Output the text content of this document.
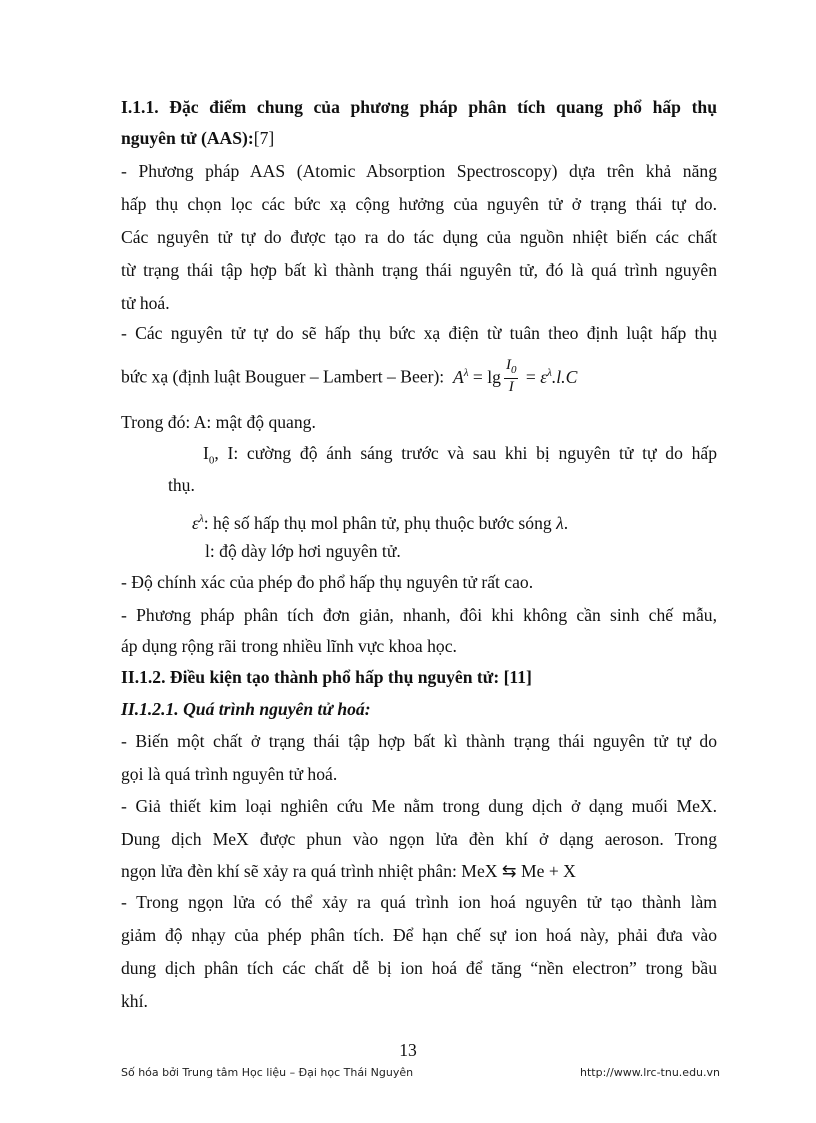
I.1.1. Đặc điểm chung của phương pháp phân tích quang phổ hấp thụ
nguyên tử (AAS):[7]
- Phương pháp AAS (Atomic Absorption Spectroscopy) dựa trên khả năng
hấp thụ chọn lọc các bức xạ cộng hưởng của nguyên tử ở trạng thái tự do.
Các nguyên tử tự do được tạo ra do tác dụng của nguồn nhiệt biến các chất
từ trạng thái tập hợp bất kì thành trạng thái nguyên tử, đó là quá trình nguyên
tử hoá.
- Các nguyên tử tự do sẽ hấp thụ bức xạ điện từ tuân theo định luật hấp thụ
bức xạ (định luật Bouguer – Lambert – Beer): $A^\lambda = \lg \frac{I_0}{I} = \varepsilon^\lambda.l.C$
Trong đó: A: mật độ quang.
$I_0$, I: cường độ ánh sáng trước và sau khi bị nguyên tử tự do hấp
thụ.
$\varepsilon^\lambda$: hệ số hấp thụ mol phân tử, phụ thuộc bước sóng λ.
l: độ dày lớp hơi nguyên tử.
- Độ chính xác của phép đo phổ hấp thụ nguyên tử rất cao.
- Phương pháp phân tích đơn giản, nhanh, đôi khi không cần sinh chế mẫu,
áp dụng rộng rãi trong nhiều lĩnh vực khoa học.
II.1.2. Điều kiện tạo thành phổ hấp thụ nguyên tử: [11]
II.1.2.1. Quá trình nguyên tử hoá:
- Biến một chất ở trạng thái tập hợp bất kì thành trạng thái nguyên tử tự do
gọi là quá trình nguyên tử hoá.
- Giả thiết kim loại nghiên cứu Me nằm trong dung dịch ở dạng muối MeX.
Dung dịch MeX được phun vào ngọn lửa đèn khí ở dạng aeroson. Trong
ngọn lửa đèn khí sẽ xảy ra quá trình nhiệt phân: MeX ⇆ Me + X
- Trong ngọn lửa có thể xảy ra quá trình ion hoá nguyên tử tạo thành làm
giảm độ nhạy của phép phân tích. Để hạn chế sự ion hoá này, phải đưa vào
dung dịch phân tích các chất dễ bị ion hoá để tăng “nền electron” trong bầu
khí.
13
Số hóa bởi Trung tâm Học liệu – Đại học Thái Nguyên	http://www.lrc-tnu.edu.vn
